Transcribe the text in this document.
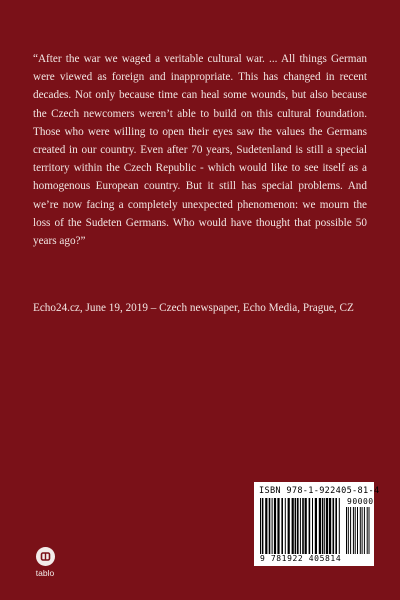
“After the war we waged a veritable cultural war. ... All things German were viewed as foreign and inappropriate. This has changed in recent decades. Not only because time can heal some wounds, but also because the Czech newcomers weren’t able to build on this cultural foundation. Those who were willing to open their eyes saw the values the Germans created in our country. Even after 70 years, Sudetenland is still a special territory within the Czech Republic - which would like to see itself as a homogenous European country. But it still has special problems. And we’re now facing a completely unexpected phenomenon: we mourn the loss of the Sudeten Germans. Who would have thought that possible 50 years ago?”

Echo24.cz, June 19, 2019 – Czech newspaper, Echo Media, Prague, CZ

ISBN 978-1-922405-81-4
90000
9 781922 405814
tablo
